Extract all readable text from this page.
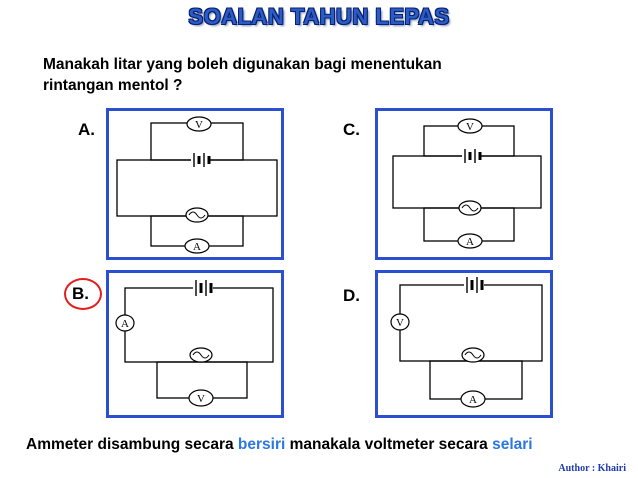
SOALAN TAHUN LEPAS
Manakah litar yang boleh digunakan bagi menentukan
rintangan mentol ?
A.
B.
C.
D.
V
A
V
A
A
V
V
A
Ammeter disambung secara bersiri manakala voltmeter secara selari
Author : Khairi
